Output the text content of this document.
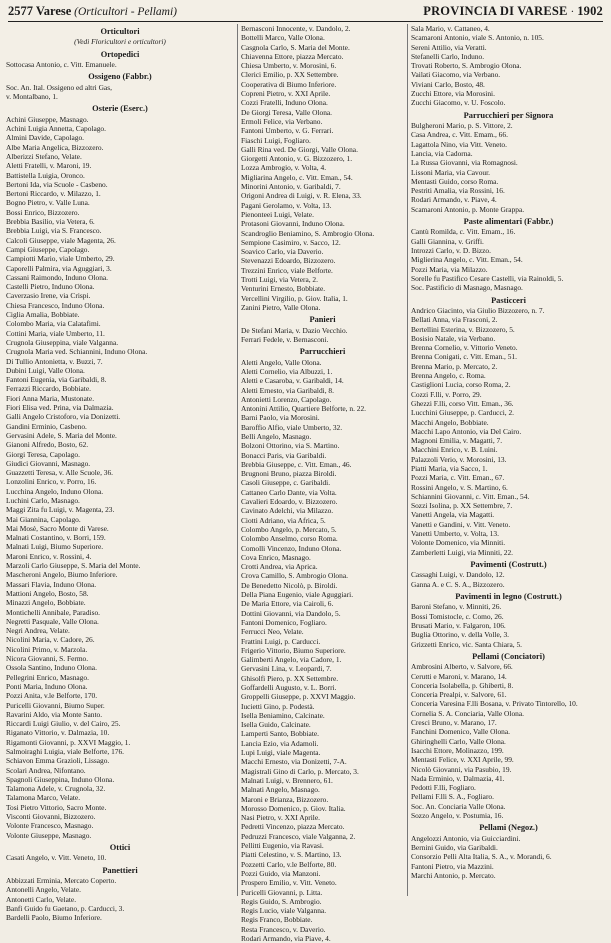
2577 Varese (Orticultori - Pellami)	PROVINCIA DI VARESE · 1902
Orticultori
(Vedi Floricultori e orticultori)
Ortopedici
Sottocasa Antonio, c. Vitt. Emanuele.
Ossigeno (Fabbr.)
Soc. An. Ital. Ossigeno ed altri Gas,
v. Montalbano, 1.
Osterie (Eserc.)
Achini Giuseppe, Masnago.
Achini Luigia Annetta, Capolago.
Almini Davide, Capolago.
Albe Maria Angelica, Bizzozero.
Alberizzi Stefano, Velate.
Aletti Fratelli, v. Maroni, 19.
Battistella Luigia, Oronco.
Bertoni Ida, via Scuole - Casbeno.
Bertoni Riccardo, v. Milazzo, 1.
Bogno Pietro, v. Valle Luna.
Bossi Enrico, Bizzozero.
Brebbia Basilio, via Vetera, 6.
Brebbia Luigi, via S. Francesco.
Calcoli Giuseppe, viale Magenta, 26.
Campi Giuseppe, Capolago.
Campiotti Mario, viale Umberto, 29.
Caporelli Palmira, via Aguggiari, 3.
Cassani Raimondo, Induno Olona.
Castelli Pietro, Induno Olona.
Caverzasio Irene, via Crispi.
Chiesa Francesco, Induno Olona.
Ciglia Amalia, Bobbiate.
Colombo Maria, via Calatafimi.
Cottini Maria, viale Umberto, 11.
Crugnola Giuseppina, viale Valganna.
Crugnola Maria ved. Schiannini, Induno Olona.
Di Tullio Antonietta, v. Buzzi, 7.
Dubini Luigi, Valle Olona.
Fantoni Eugenia, via Garibaldi, 8.
Ferrazzi Riccardo, Bobbiate.
Fiori Anna Maria, Mustonate.
Fiori Elisa ved. Prina, via Dalmazia.
Galli Angelo Cristoforo, via Donizetti.
Gandini Erminio, Casbeno.
Gervasini Adele, S. Maria del Monte.
Gianoni Alfredo, Bosto, 62.
Giorgi Teresa, Capolago.
Giudici Giovanni, Masnago.
Guazzetti Teresa, v. Alle Scuole, 36.
Lonzolini Enrico, v. Porro, 16.
Lucchina Angelo, Induno Olona.
Luchini Carlo, Masnago.
Maggi Zita fu Luigi, v. Magenta, 23.
Mai Giannina, Capolago.
Mai Mosè, Sacro Monte di Varese.
Malnati Costantino, v. Borri, 159.
Malnati Luigi, Biumo Superiore.
Maroni Enrico, v. Rossini, 4.
Marzoli Carlo Giuseppe, S. Maria del Monte.
Mascheroni Angelo, Biumo Inferiore.
Massari Flavia, Induno Olona.
Mattioni Angelo, Bosto, 58.
Minazzi Angelo, Bobbiate.
Montichelli Annibale, Paradiso.
Negretti Pasquale, Valle Olona.
Negri Andrea, Velate.
Nicolini Maria, v. Cadore, 26.
Nicolini Primo, v. Marzola.
Nicora Giovanni, S. Fermo.
Ossola Santino, Induno Olona.
Pellegrini Enrico, Masnago.
Ponti Maria, Induno Olona.
Pozzi Anita, v.le Belforte, 170.
Puricelli Giovanni, Biumo Super.
Ravarini Aldo, via Monte Santo.
Riccardi Luigi Giulio, v. del Cairo, 25.
Riganato Vittorio, v. Dalmazia, 10.
Rigamonti Giovanni, p. XXVI Maggio, 1.
Salmoiraghi Luigia, viale Belforte, 176.
Schiavon Emma Grazioli, Lissago.
Scolari Andrea, Nifontano.
Spagnoli Giuseppina, Induno Olona.
Talamona Adele, v. Crugnola, 32.
Talamona Marco, Velate.
Tosi Pietro Vittorio, Sacro Monte.
Visconti Giovanni, Bizzozero.
Volonte Francesco, Masnago.
Volonte Giuseppe, Masnago.
Ottici
Casati Angelo, v. Vitt. Veneto, 10.
Panettieri
Abbizzati Erminia, Mercato Coperto.
Antonelli Angelo, Velate.
Antonetti Carlo, Velate.
Banfi Guido fu Gaetano, p. Carducci, 3.
Bardelli Paolo, Biumo Inferiore.
Bernasconi Innocente, v. Dandolo, 2.
Bottelli Marco, Valle Olona.
Casgnola Carlo, S. Maria del Monte.
Chiavenna Ettore, piazza Mercato.
Chiesa Umberto, v. Morosini, 6.
Clerici Emilio, p. XX Settembre.
Cooperativa di Biumo Inferiore.
Copreni Pietro, v. XXI Aprile.
Cozzi Fratelli, Induno Olona.
De Giorgi Teresa, Valle Olona.
Ermoli Felice, via Verbano.
Fantoni Umberto, v. G. Ferrari.
Fiaschi Luigi, Fogliaro.
Galli Rina ved. De Giorgi, Valle Olona.
Giorgetti Antonio, v. G. Bizzozero, 1.
Lozza Ambrogio, v. Volta, 4.
Migliarina Angelo, c. Vitt. Eman., 54.
Minorini Antonio, v. Garibaldi, 7.
Origoni Andrea di Luigi, v. R. Elena, 33.
Pagani Gerolamo, v. Volta, 13.
Pienonteei Luigi, Velate.
Protasoni Giovanni, Induno Olona.
Scandroglio Beniamino, S. Ambrogio Olona.
Sempione Casimiro, v. Sacco, 12.
Soavico Carlo, via Daverio.
Stevenazzi Edoardo, Bizzozero.
Trezzini Enrico, viale Belforte.
Trotti Luigi, via Vetera, 2.
Venturini Ernesto, Bobbiate.
Vercellini Virgilio, p. Giov. Italia, 1.
Zanini Pietro, Valle Olona.
Panieri
De Stefani Maria, v. Dazio Vecchio.
Ferrari Fedele, v. Bernasconi.
Parrucchieri
Aletti Angelo, Valle Olona.
Aletti Cornelio, via Albuzzi, 1.
Aletti e Casaroba, v. Garibaldi, 14.
Aletti Ernesto, via Garibaldi, 8.
Antonietti Lorenzo, Capolago.
Antonini Attilio, Quartiere Belforte, n. 22.
Barni Paolo, via Morosini.
Baroffio Alfio, viale Umberto, 32.
Belli Angelo, Masnago.
Bolzoni Ottorino, via S. Martino.
Bonacci Paris, via Garibaldi.
Brebbia Giuseppe, c. Vitt. Eman., 46.
Brugnoni Bruno, piazza Biroldi.
Casoli Giuseppe, c. Garibaldi.
Cattaneo Carlo Dante, via Volta.
Cavalieri Edoardo, v. Bizzozero.
Cavinato Adelchi, via Milazzo.
Ciotti Adriano, via Africa, 5.
Colombo Angelo, p. Mercato, 5.
Colombo Anselmo, corso Roma.
Comolli Vincenzo, Induno Olona.
Cova Enrico, Masnago.
Crotti Andrea, via Aprica.
Crova Camillo, S. Ambrogio Olona.
De Benedetto Nicolò, p. Biroldi.
Della Piana Eugenio, viale Aguggiari.
De Maria Ettore, via Cairoli, 6.
Dottini Giovanni, via Dandolo, 5.
Fantoni Domenico, Fogliaro.
Ferrucci Neo, Velate.
Frattini Luigi, p. Carducci.
Frigerio Vittorio, Biumo Superiore.
Galimberti Angelo, via Cadore, 1.
Gervasini Lina, v. Leopardi, 7.
Ghisolfi Piero, p. XX Settembre.
Goffardelli Augusto, v. L. Borri.
Groppelli Giuseppe, p. XXVI Maggio.
Iucietti Gino, p. Podestà.
Isella Beniamino, Calcinate.
Isella Guido, Calcinate.
Lamperti Santo, Bobbiate.
Lancia Ezio, via Adamoli.
Lupi Luigi, viale Magenta.
Macchi Ernesto, via Donizetti, 7-A.
Magistrali Gino di Carlo, p. Mercato, 3.
Malnati Luigi, v. Brennero, 61.
Malnati Angelo, Masnago.
Maroni e Brianza, Bizzozero.
Morosso Domenico, p. Giov. Italia.
Nasi Pietro, v. XXI Aprile.
Pedretti Vincenzo, piazza Mercato.
Pedruzzi Francesco, viale Valganna, 2.
Pellitti Eugenio, via Ravasi.
Piatti Celestino, v. S. Martino, 13.
Pozzetti Carlo, v.le Belforte, 80.
Pozzi Guido, via Manzoni.
Prospero Emilio, v. Vitt. Veneto.
Puricelli Giovanni, p. Litta.
Regis Guido, S. Ambrogio.
Regis Lucio, viale Valganna.
Regis Franco, Bobbiate.
Resta Francesco, v. Daverio.
Rodari Armando, via Piave, 4.
Sala Mario, v. Cattaneo, 4.
Scamaroni Antonio, viale S. Antonio, n. 105.
Sereni Attilio, via Veratti.
Stefanelli Carlo, Induno.
Trovati Roberto, S. Ambrogio Olona.
Vailati Giacomo, via Verbano.
Viviani Carlo, Bosto, 48.
Zucchi Ettore, via Morosini.
Zucchi Giacomo, v. U. Foscolo.
Parrucchieri per Signora
Bulgheroni Mario, p. S. Vittore, 2.
Casa Andrea, c. Vitt. Emam., 66.
Lagattola Nino, via Vitt. Veneto.
Lancia, via Cadorna.
La Russa Giovanni, via Romagnosi.
Lissoni Maria, via Cavour.
Mentasti Guido, corso Roma.
Pestriti Amalia, via Rossini, 16.
Rodari Armando, v. Piave, 4.
Scamaroni Antonio, p. Monte Grappa.
Paste alimentari (Fabbr.)
Cantù Romilda, c. Vitt. Emam., 16.
Galli Giannina, v. Griffi.
Introzzi Carlo, v. D. Bizzo.
Miglierina Angelo, c. Vitt. Eman., 54.
Pozzi Maria, via Milazzo.
Sorelle fu Pastifico Cesare Castelli, via Rainoldi, 5.
Soc. Pastificio di Masnago, Masnago.
Pasticceri
Andrico Giacinto, via Giulio Bizzozero, n. 7.
Bellati Anna, via Frasconi, 2.
Bertellini Esterina, v. Bizzozero, 5.
Bosisio Natale, via Verbano.
Brenna Cornelio, v. Vittorio Veneto.
Brenna Conigati, c. Vitt. Eman., 51.
Brenna Mario, p. Mercato, 2.
Brenna Angelo, c. Roma.
Castiglioni Lucia, corso Roma, 2.
Cozzi F.lli, v. Porro, 29.
Ghezzi F.lli, corso Vitt. Eman., 36.
Lucchini Giuseppe, p. Carducci, 2.
Macchi Angelo, Bobbiate.
Macchi Lapo Antonio, via Del Cairo.
Magnoni Emilia, v. Magatti, 7.
Macchini Enrico, v. B. Luini.
Palazzoli Verio, v. Morosini, 13.
Piatti Maria, via Sacco, 1.
Pozzi Maria, c. Vitt. Eman., 67.
Rossini Angelo, v. S. Martino, 6.
Schiannini Giovanni, c. Vitt. Eman., 54.
Sozzi Isolina, p. XX Settembre, 7.
Vanetti Angela, via Magatti.
Vanetti e Gandini, v. Vitt. Veneto.
Vanetti Umberto, v. Volta, 13.
Volonte Domenico, via Minniti.
Zamberletti Luigi, via Minniti, 22.
Pavimenti (Costrutt.)
Cassaghi Luigi, v. Dandolo, 12.
Ganna A. e C. S. A., Bizzozero.
Pavimenti in legno (Costrutt.)
Baroni Stefano, v. Minniti, 26.
Bossi Tomistocle, c. Como, 26.
Brusati Mario, v. Falgaron, 106.
Buglia Ottorino, v. della Volle, 3.
Grizzetti Enrico, vic. Santa Chiara, 5.
Pellami (Conciatori)
Ambrosini Alberto, v. Salvore, 66.
Cerutti e Maroni, v. Marano, 14.
Conceria Isolabella, p. Ghiberti, 8.
Conceria Prealpi, v. Salvore, 61.
Conceria Varesina F.lli Bosana, v. Privato Tintorello, 10.
Cornelia S. A. Conciaria, Valle Olona.
Cresci Bruno, v. Marano, 17.
Fanchini Domenico, Valle Olona.
Ghiringhelli Carlo, Valle Olona.
Isacchi Ettore, Molinazzo, 199.
Mentasti Felice, v. XXI Aprile, 99.
Nicolò Giovanni, via Pasubio, 19.
Nada Erminio, v. Dalmazia, 41.
Pedotti F.lli, Fogliaro.
Pellami F.lli S. A., Fogliaro.
Soc. An. Conciaria Valle Olona.
Sozzo Angelo, v. Postumia, 16.
Pellami (Negoz.)
Angelozzi Antonio, via Guicciardini.
Bernini Guido, via Garibaldi.
Consorzio Pelli Alta Italia, S. A., v. Morandi, 6.
Fantoni Pietro, via Mazzini.
Marchi Antonio, p. Mercato.
